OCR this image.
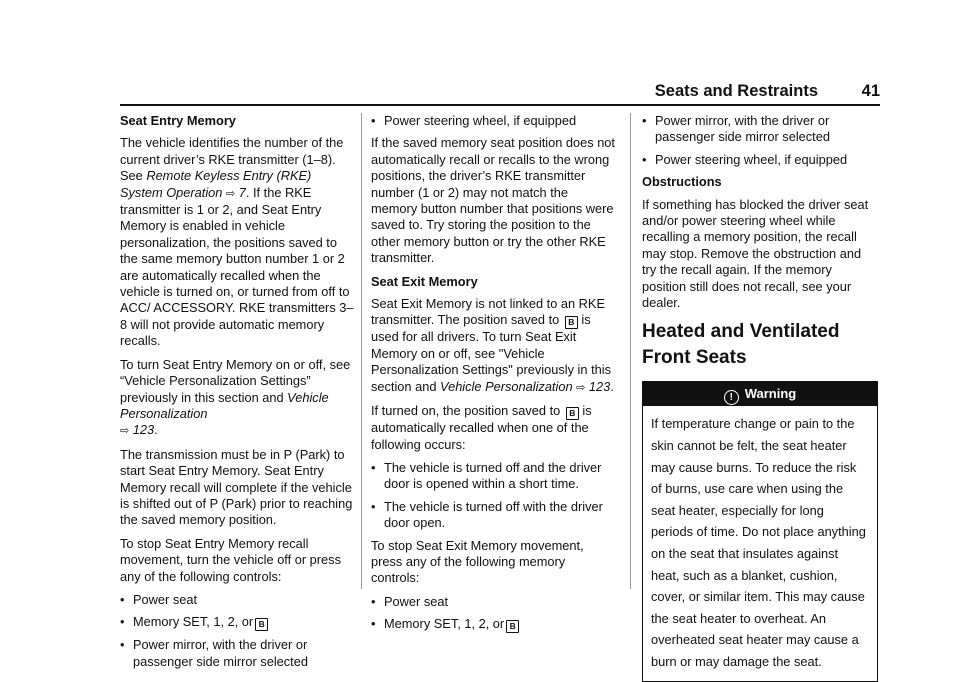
Seats and Restraints	41

Seat Entry Memory

The vehicle identifies the number of the current driver’s RKE transmitter (1–8). See Remote Keyless Entry (RKE) System Operation ⇨ 7. If the RKE transmitter is 1 or 2, and Seat Entry Memory is enabled in vehicle personalization, the positions saved to the same memory button number 1 or 2 are automatically recalled when the vehicle is turned on, or turned from off to ACC/ ACCESSORY. RKE transmitters 3–8 will not provide automatic memory recalls.

To turn Seat Entry Memory on or off, see “Vehicle Personalization Settings” previously in this section and Vehicle Personalization
⇨ 123.

The transmission must be in P (Park) to start Seat Entry Memory. Seat Entry Memory recall will complete if the vehicle is shifted out of P (Park) prior to reaching the saved memory position.

To stop Seat Entry Memory recall movement, turn the vehicle off or press any of the following controls:

• Power seat
• Memory SET, 1, 2, or B
• Power mirror, with the driver or passenger side mirror selected
• Power steering wheel, if equipped

If the saved memory seat position does not automatically recall or recalls to the wrong positions, the driver’s RKE transmitter number (1 or 2) may not match the memory button number that positions were saved to. Try storing the position to the other memory button or try the other RKE transmitter.

Seat Exit Memory

Seat Exit Memory is not linked to an RKE transmitter. The position saved to B is used for all drivers. To turn Seat Exit Memory on or off, see "Vehicle Personalization Settings" previously in this section and Vehicle Personalization ⇨ 123.

If turned on, the position saved to B is automatically recalled when one of the following occurs:

• The vehicle is turned off and the driver door is opened within a short time.
• The vehicle is turned off with the driver door open.

To stop Seat Exit Memory movement, press any of the following memory controls:

• Power seat
• Memory SET, 1, 2, or B
• Power mirror, with the driver or passenger side mirror selected
• Power steering wheel, if equipped

Obstructions

If something has blocked the driver seat and/or power steering wheel while recalling a memory position, the recall may stop. Remove the obstruction and try the recall again. If the memory position still does not recall, see your dealer.

Heated and Ventilated Front Seats
! Warning
If temperature change or pain to the skin cannot be felt, the seat heater may cause burns. To reduce the risk of burns, use care when using the seat heater, especially for long periods of time. Do not place anything on the seat that insulates against heat, such as a blanket, cushion, cover, or similar item. This may cause the seat heater to overheat. An overheated seat heater may cause a burn or may damage the seat.
